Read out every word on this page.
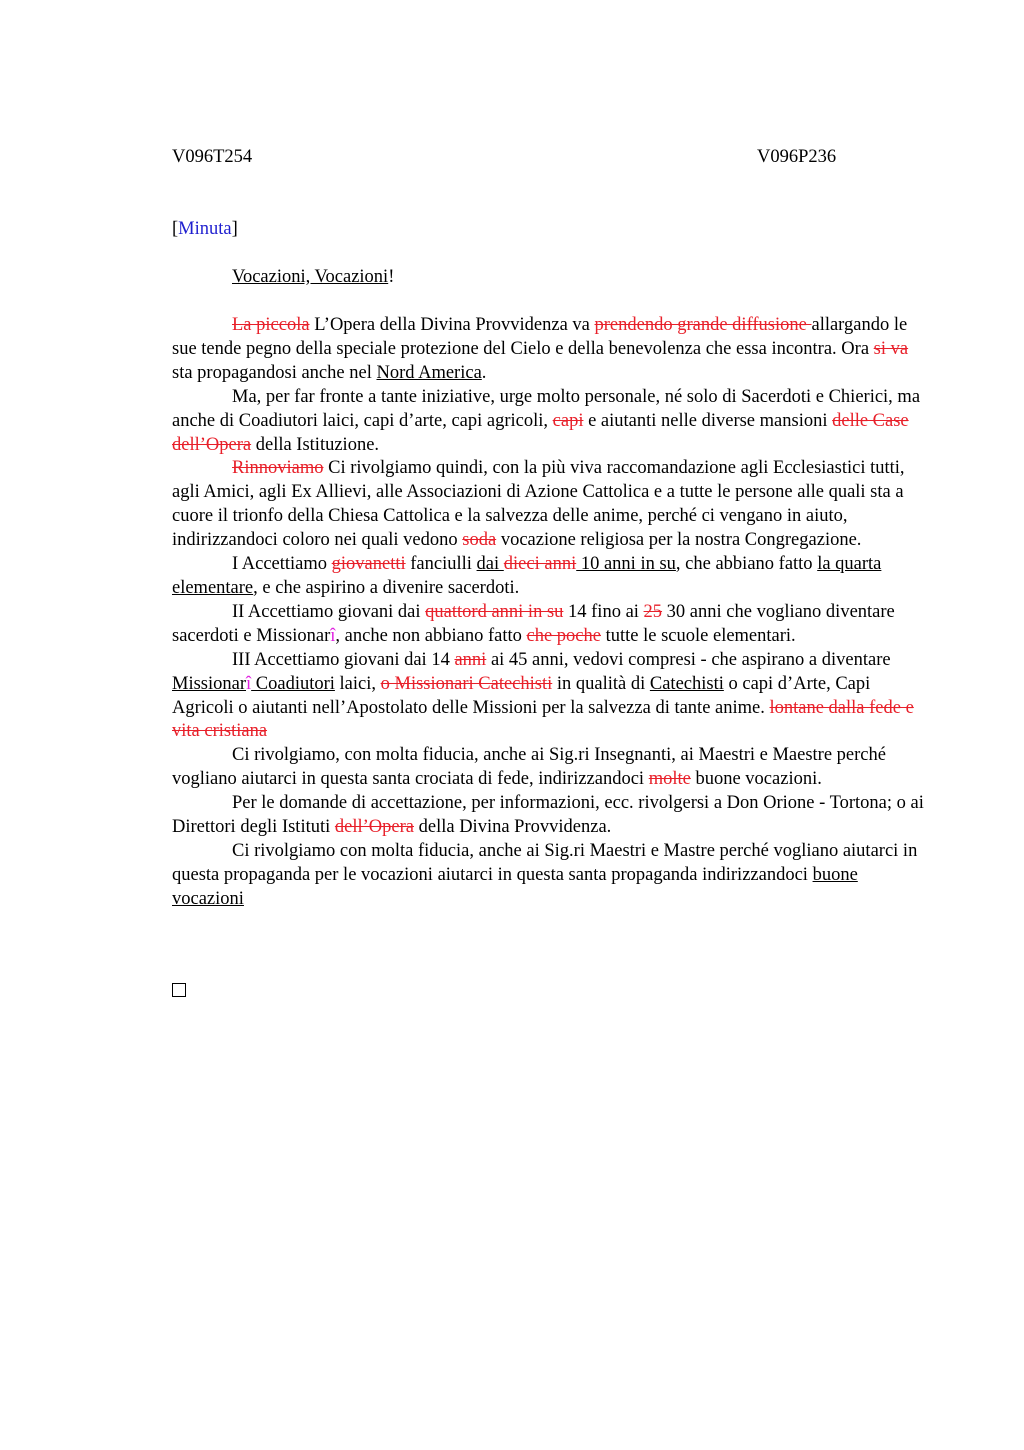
V096T254	V096P236
[Minuta]
Vocazioni, Vocazioni!

La piccola L’Opera della Divina Provvidenza va prendendo grande diffusione allargando le sue tende pegno della speciale protezione del Cielo e della benevolenza che essa incontra. Ora si va sta propagandosi anche nel Nord America.

Ma, per far fronte a tante iniziative, urge molto personale, né solo di Sacerdoti e Chierici, ma anche di Coadiutori laici, capi d’arte, capi agricoli, capi e aiutanti nelle diverse mansioni delle Case dell’Opera della Istituzione.

Rinnoviamo Ci rivolgiamo quindi, con la più viva raccomandazione agli Ecclesiastici tutti, agli Amici, agli Ex Allievi, alle Associazioni di Azione Cattolica e a tutte le persone alle quali sta a cuore il trionfo della Chiesa Cattolica e la salvezza delle anime, perché ci vengano in aiuto, indirizzandoci coloro nei quali vedono soda vocazione religiosa per la nostra Congregazione.

I Accettiamo giovanetti fanciulli dai dieci anni 10 anni in su, che abbiano fatto la quarta elementare, e che aspirino a divenire sacerdoti.

II Accettiamo giovani dai quattord anni in su 14 fino ai 25 30 anni che vogliano diventare sacerdoti e Missionarî, anche non abbiano fatto che poche tutte le scuole elementari.

III Accettiamo giovani dai 14 anni ai 45 anni, vedovi compresi - che aspirano a diventare Missionarî Coadiutori laici, o Missionari Catechisti in qualità di Catechisti o capi d’Arte, Capi Agricoli o aiutanti nell’Apostolato delle Missioni per la salvezza di tante anime. lontane dalla fede e vita cristiana

Ci rivolgiamo, con molta fiducia, anche ai Sig.ri Insegnanti, ai Maestri e Maestre perché vogliano aiutarci in questa santa crociata di fede, indirizzandoci molte buone vocazioni.

Per le domande di accettazione, per informazioni, ecc. rivolgersi a Don Orione - Tortona; o ai Direttori degli Istituti dell’Opera della Divina Provvidenza.

Ci rivolgiamo con molta fiducia, anche ai Sig.ri Maestri e Mastre perché vogliano aiutarci in questa propaganda per le vocazioni aiutarci in questa santa propaganda indirizzandoci buone vocazioni
